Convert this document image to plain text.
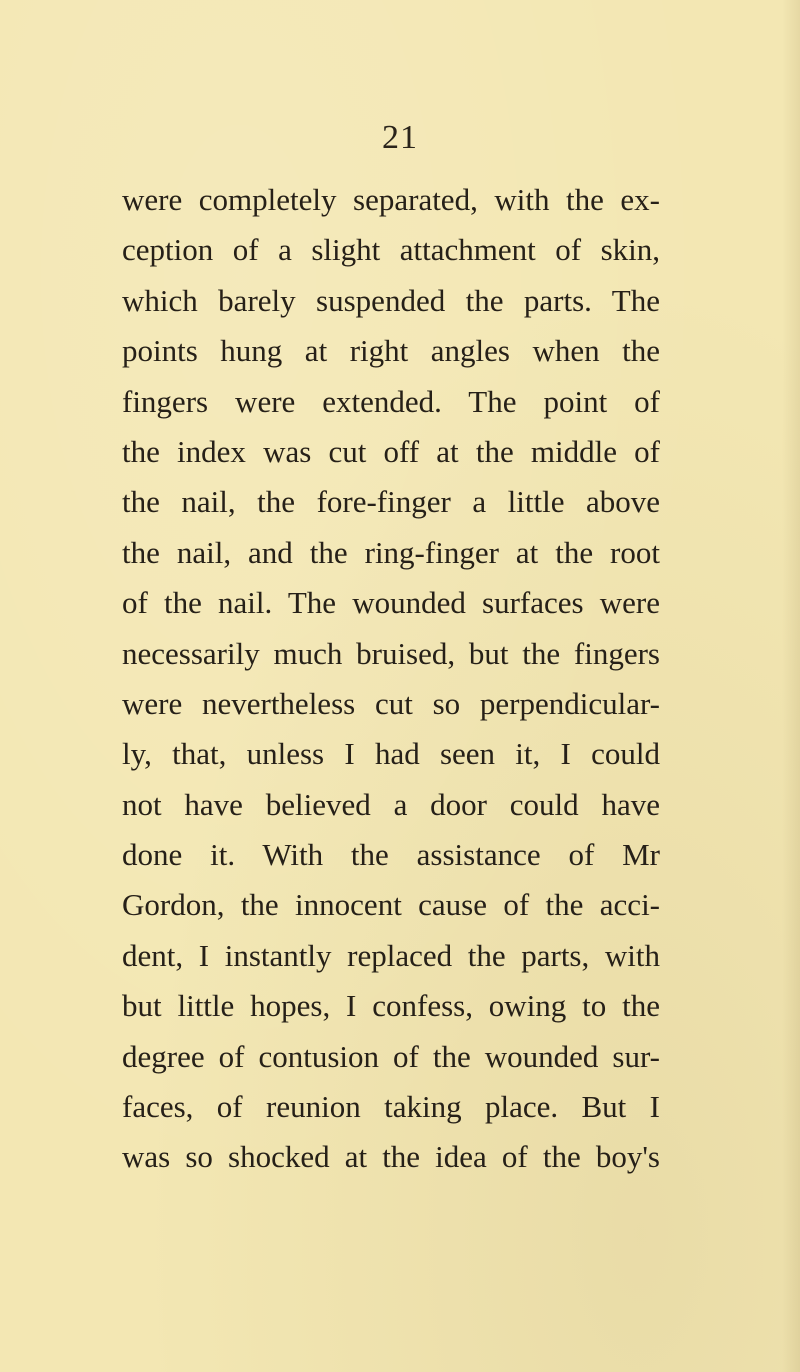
21
were completely separated, with the ex-
ception of a slight attachment of skin,
which barely suspended the parts. The
points hung at right angles when the
fingers were extended. The point of
the index was cut off at the middle of
the nail, the fore-finger a little above
the nail, and the ring-finger at the root
of the nail. The wounded surfaces were
necessarily much bruised, but the fingers
were nevertheless cut so perpendicular-
ly, that, unless I had seen it, I could
not have believed a door could have
done it. With the assistance of Mr
Gordon, the innocent cause of the acci-
dent, I instantly replaced the parts, with
but little hopes, I confess, owing to the
degree of contusion of the wounded sur-
faces, of reunion taking place. But I
was so shocked at the idea of the boy's
